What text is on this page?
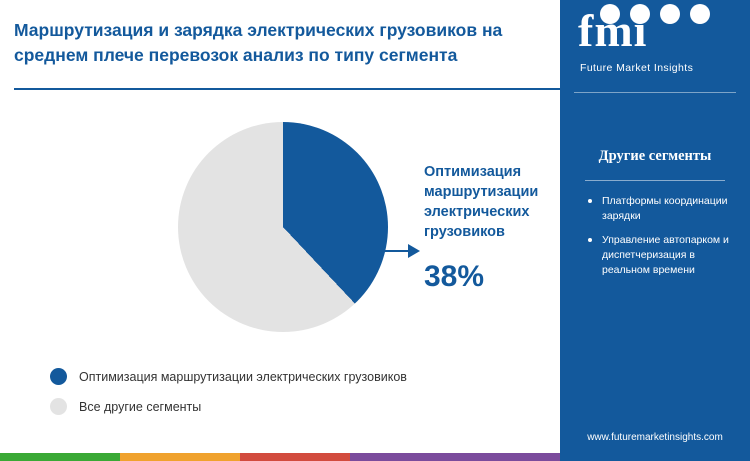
Маршрутизация и зарядка электрических грузовиков на среднем плече перевозок анализ по типу сегмента
Оптимизация маршрутизации электрических грузовиков
38%
Оптимизация маршрутизации электрических грузовиков
Все другие сегменты
fmi
Future Market Insights
Другие сегменты
Платформы координации зарядки
Управление автопарком и диспетчеризация в реальном времени
www.futuremarketinsights.com
